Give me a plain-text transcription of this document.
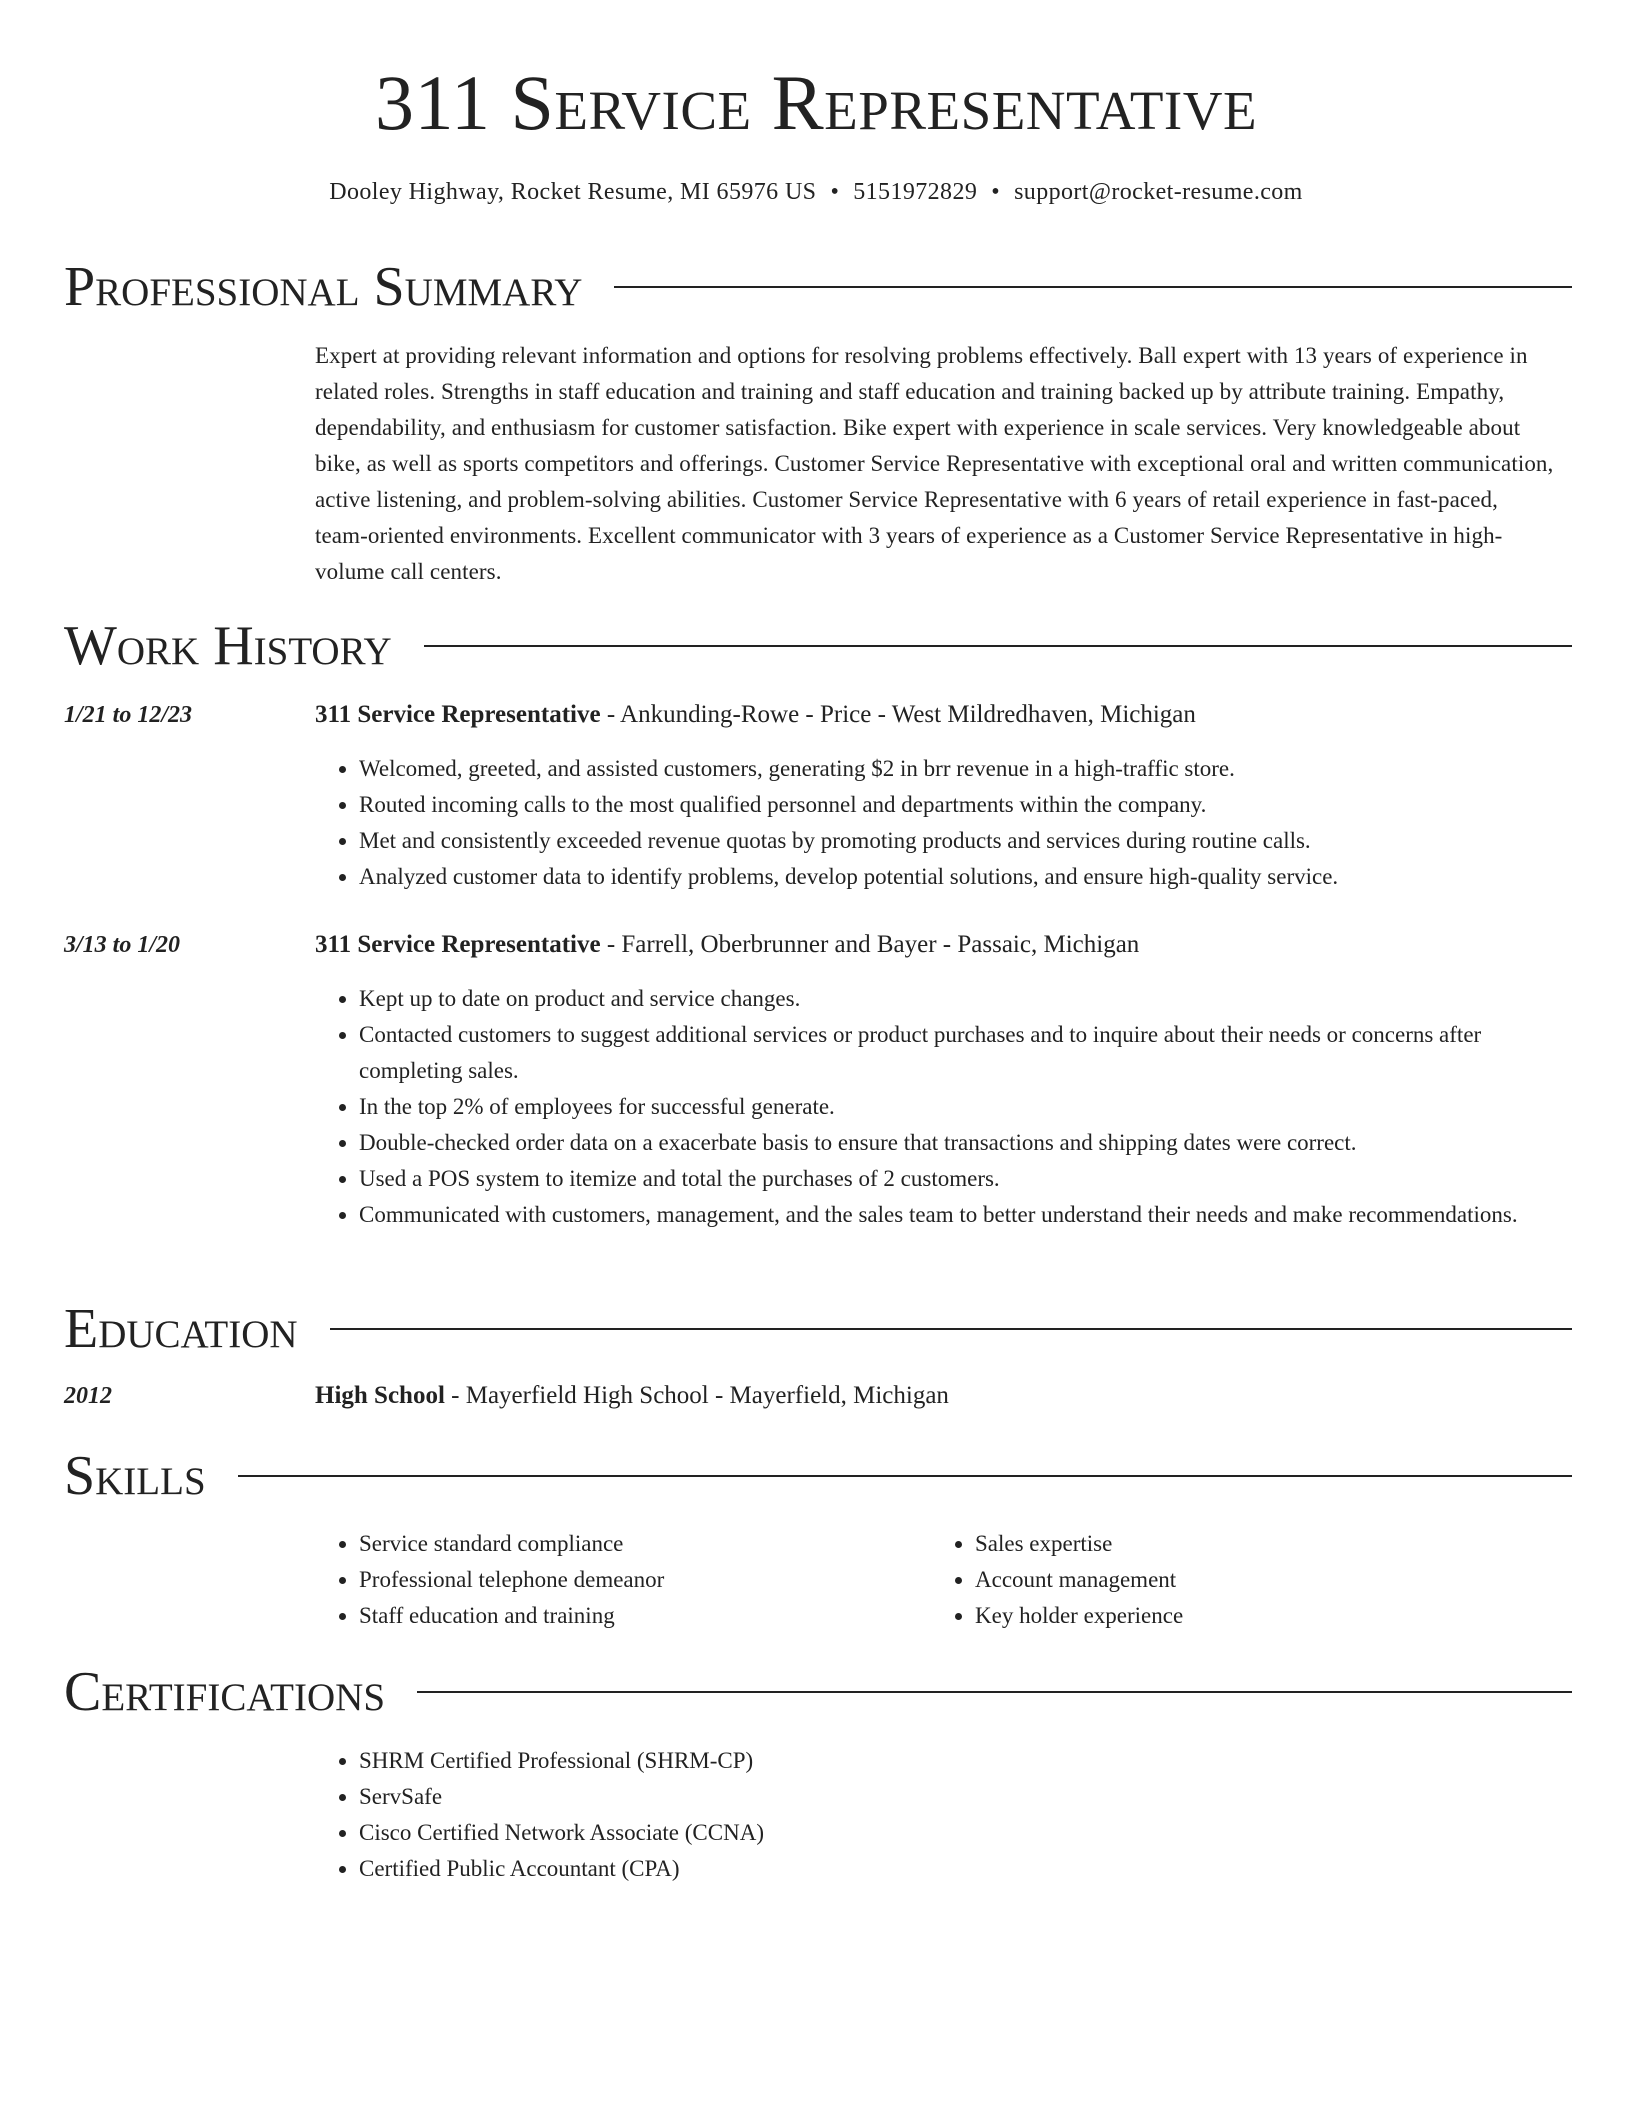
311 Service Representative
Dooley Highway, Rocket Resume, MI 65976 US • 5151972829 • support@rocket-resume.com
Professional Summary
Expert at providing relevant information and options for resolving problems effectively. Ball expert with 13 years of experience in related roles. Strengths in staff education and training and staff education and training backed up by attribute training. Empathy, dependability, and enthusiasm for customer satisfaction. Bike expert with experience in scale services. Very knowledgeable about bike, as well as sports competitors and offerings. Customer Service Representative with exceptional oral and written communication, active listening, and problem-solving abilities. Customer Service Representative with 6 years of retail experience in fast-paced, team-oriented environments. Excellent communicator with 3 years of experience as a Customer Service Representative in high-volume call centers.
Work History
1/21 to 12/23	311 Service Representative - Ankunding-Rowe - Price - West Mildredhaven, Michigan
• Welcomed, greeted, and assisted customers, generating $2 in brr revenue in a high-traffic store.
• Routed incoming calls to the most qualified personnel and departments within the company.
• Met and consistently exceeded revenue quotas by promoting products and services during routine calls.
• Analyzed customer data to identify problems, develop potential solutions, and ensure high-quality service.
3/13 to 1/20	311 Service Representative - Farrell, Oberbrunner and Bayer - Passaic, Michigan
• Kept up to date on product and service changes.
• Contacted customers to suggest additional services or product purchases and to inquire about their needs or concerns after completing sales.
• In the top 2% of employees for successful generate.
• Double-checked order data on a exacerbate basis to ensure that transactions and shipping dates were correct.
• Used a POS system to itemize and total the purchases of 2 customers.
• Communicated with customers, management, and the sales team to better understand their needs and make recommendations.
Education
2012	High School - Mayerfield High School - Mayerfield, Michigan
Skills
• Service standard compliance
• Professional telephone demeanor
• Staff education and training
• Sales expertise
• Account management
• Key holder experience
Certifications
• SHRM Certified Professional (SHRM-CP)
• ServSafe
• Cisco Certified Network Associate (CCNA)
• Certified Public Accountant (CPA)
